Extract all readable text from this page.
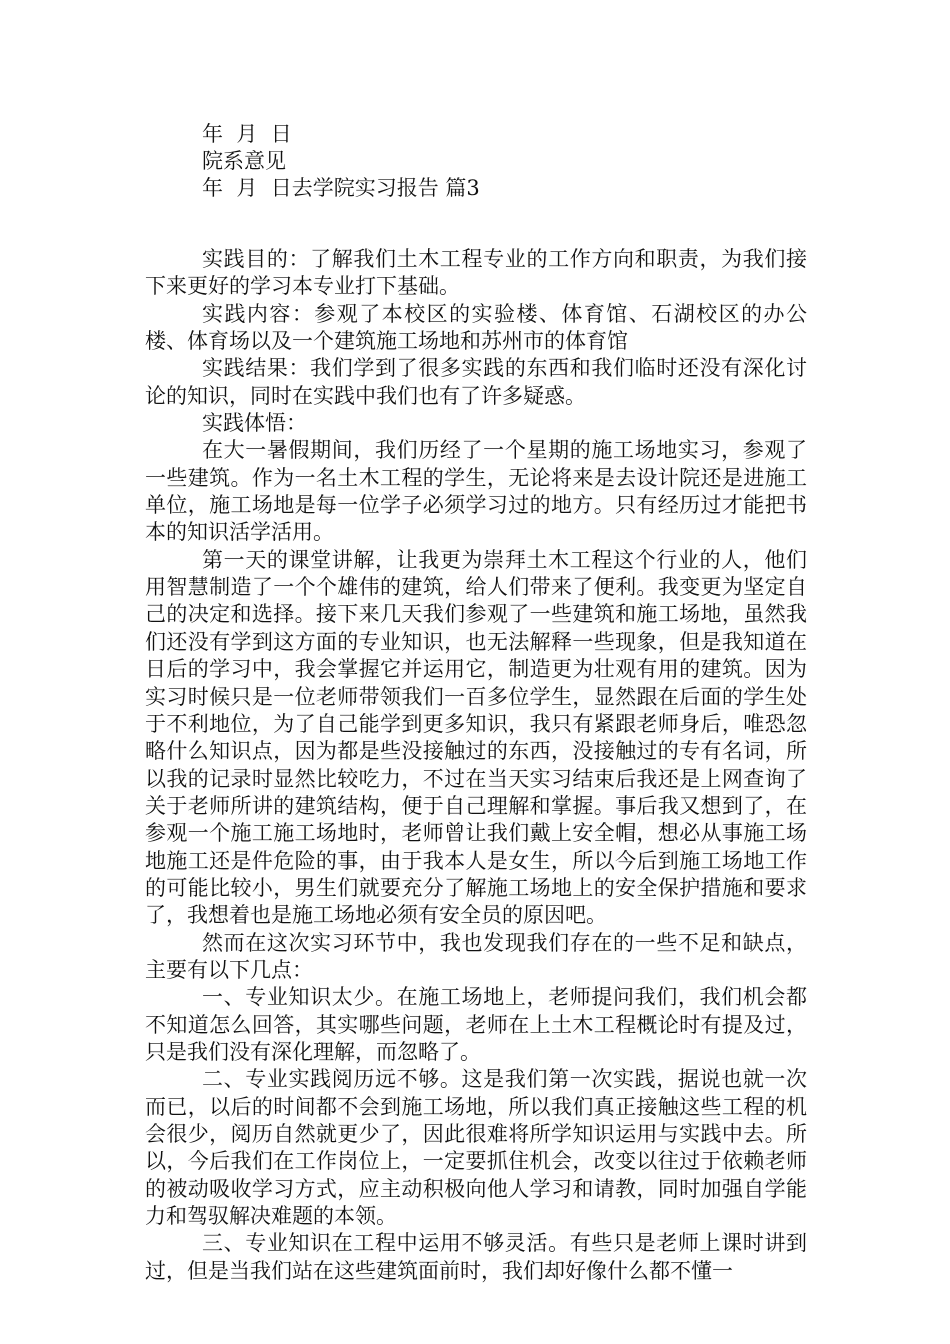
年  月  日
院系意见
年  月  日去学院实习报告 篇3

实践目的：了解我们土木工程专业的工作方向和职责，为我们接下来更好的学习本专业打下基础。

实践内容：参观了本校区的实验楼、体育馆、石湖校区的办公楼、体育场以及一个建筑施工场地和苏州市的体育馆

实践结果：我们学到了很多实践的东西和我们临时还没有深化讨论的知识，同时在实践中我们也有了许多疑惑。

实践体悟：

在大一暑假期间，我们历经了一个星期的施工场地实习，参观了一些建筑。作为一名土木工程的学生，无论将来是去设计院还是进施工单位，施工场地是每一位学子必须学习过的地方。只有经历过才能把书本的知识活学活用。

第一天的课堂讲解，让我更为崇拜土木工程这个行业的人，他们用智慧制造了一个个雄伟的建筑，给人们带来了便利。我变更为坚定自己的决定和选择。接下来几天我们参观了一些建筑和施工场地，虽然我们还没有学到这方面的专业知识，也无法解释一些现象，但是我知道在日后的学习中，我会掌握它并运用它，制造更为壮观有用的建筑。因为实习时候只是一位老师带领我们一百多位学生，显然跟在后面的学生处于不利地位，为了自己能学到更多知识，我只有紧跟老师身后，唯恐忽略什么知识点，因为都是些没接触过的东西，没接触过的专有名词，所以我的记录时显然比较吃力，不过在当天实习结束后我还是上网查询了关于老师所讲的建筑结构，便于自己理解和掌握。事后我又想到了，在参观一个施工施工场地时，老师曾让我们戴上安全帽，想必从事施工场地施工还是件危险的事，由于我本人是女生，所以今后到施工场地工作的可能比较小，男生们就要充分了解施工场地上的安全保护措施和要求了，我想着也是施工场地必须有安全员的原因吧。

然而在这次实习环节中，我也发现我们存在的一些不足和缺点，主要有以下几点：

一、专业知识太少。在施工场地上，老师提问我们，我们机会都不知道怎么回答，其实哪些问题，老师在上土木工程概论时有提及过，只是我们没有深化理解，而忽略了。

二、专业实践阅历远不够。这是我们第一次实践，据说也就一次而已，以后的时间都不会到施工场地，所以我们真正接触这些工程的机会很少，阅历自然就更少了，因此很难将所学知识运用与实践中去。所以，今后我们在工作岗位上，一定要抓住机会，改变以往过于依赖老师的被动吸收学习方式，应主动积极向他人学习和请教，同时加强自学能力和驾驭解决难题的本领。

三、专业知识在工程中运用不够灵活。有些只是老师上课时讲到过，但是当我们站在这些建筑面前时，我们却好像什么都不懂一
